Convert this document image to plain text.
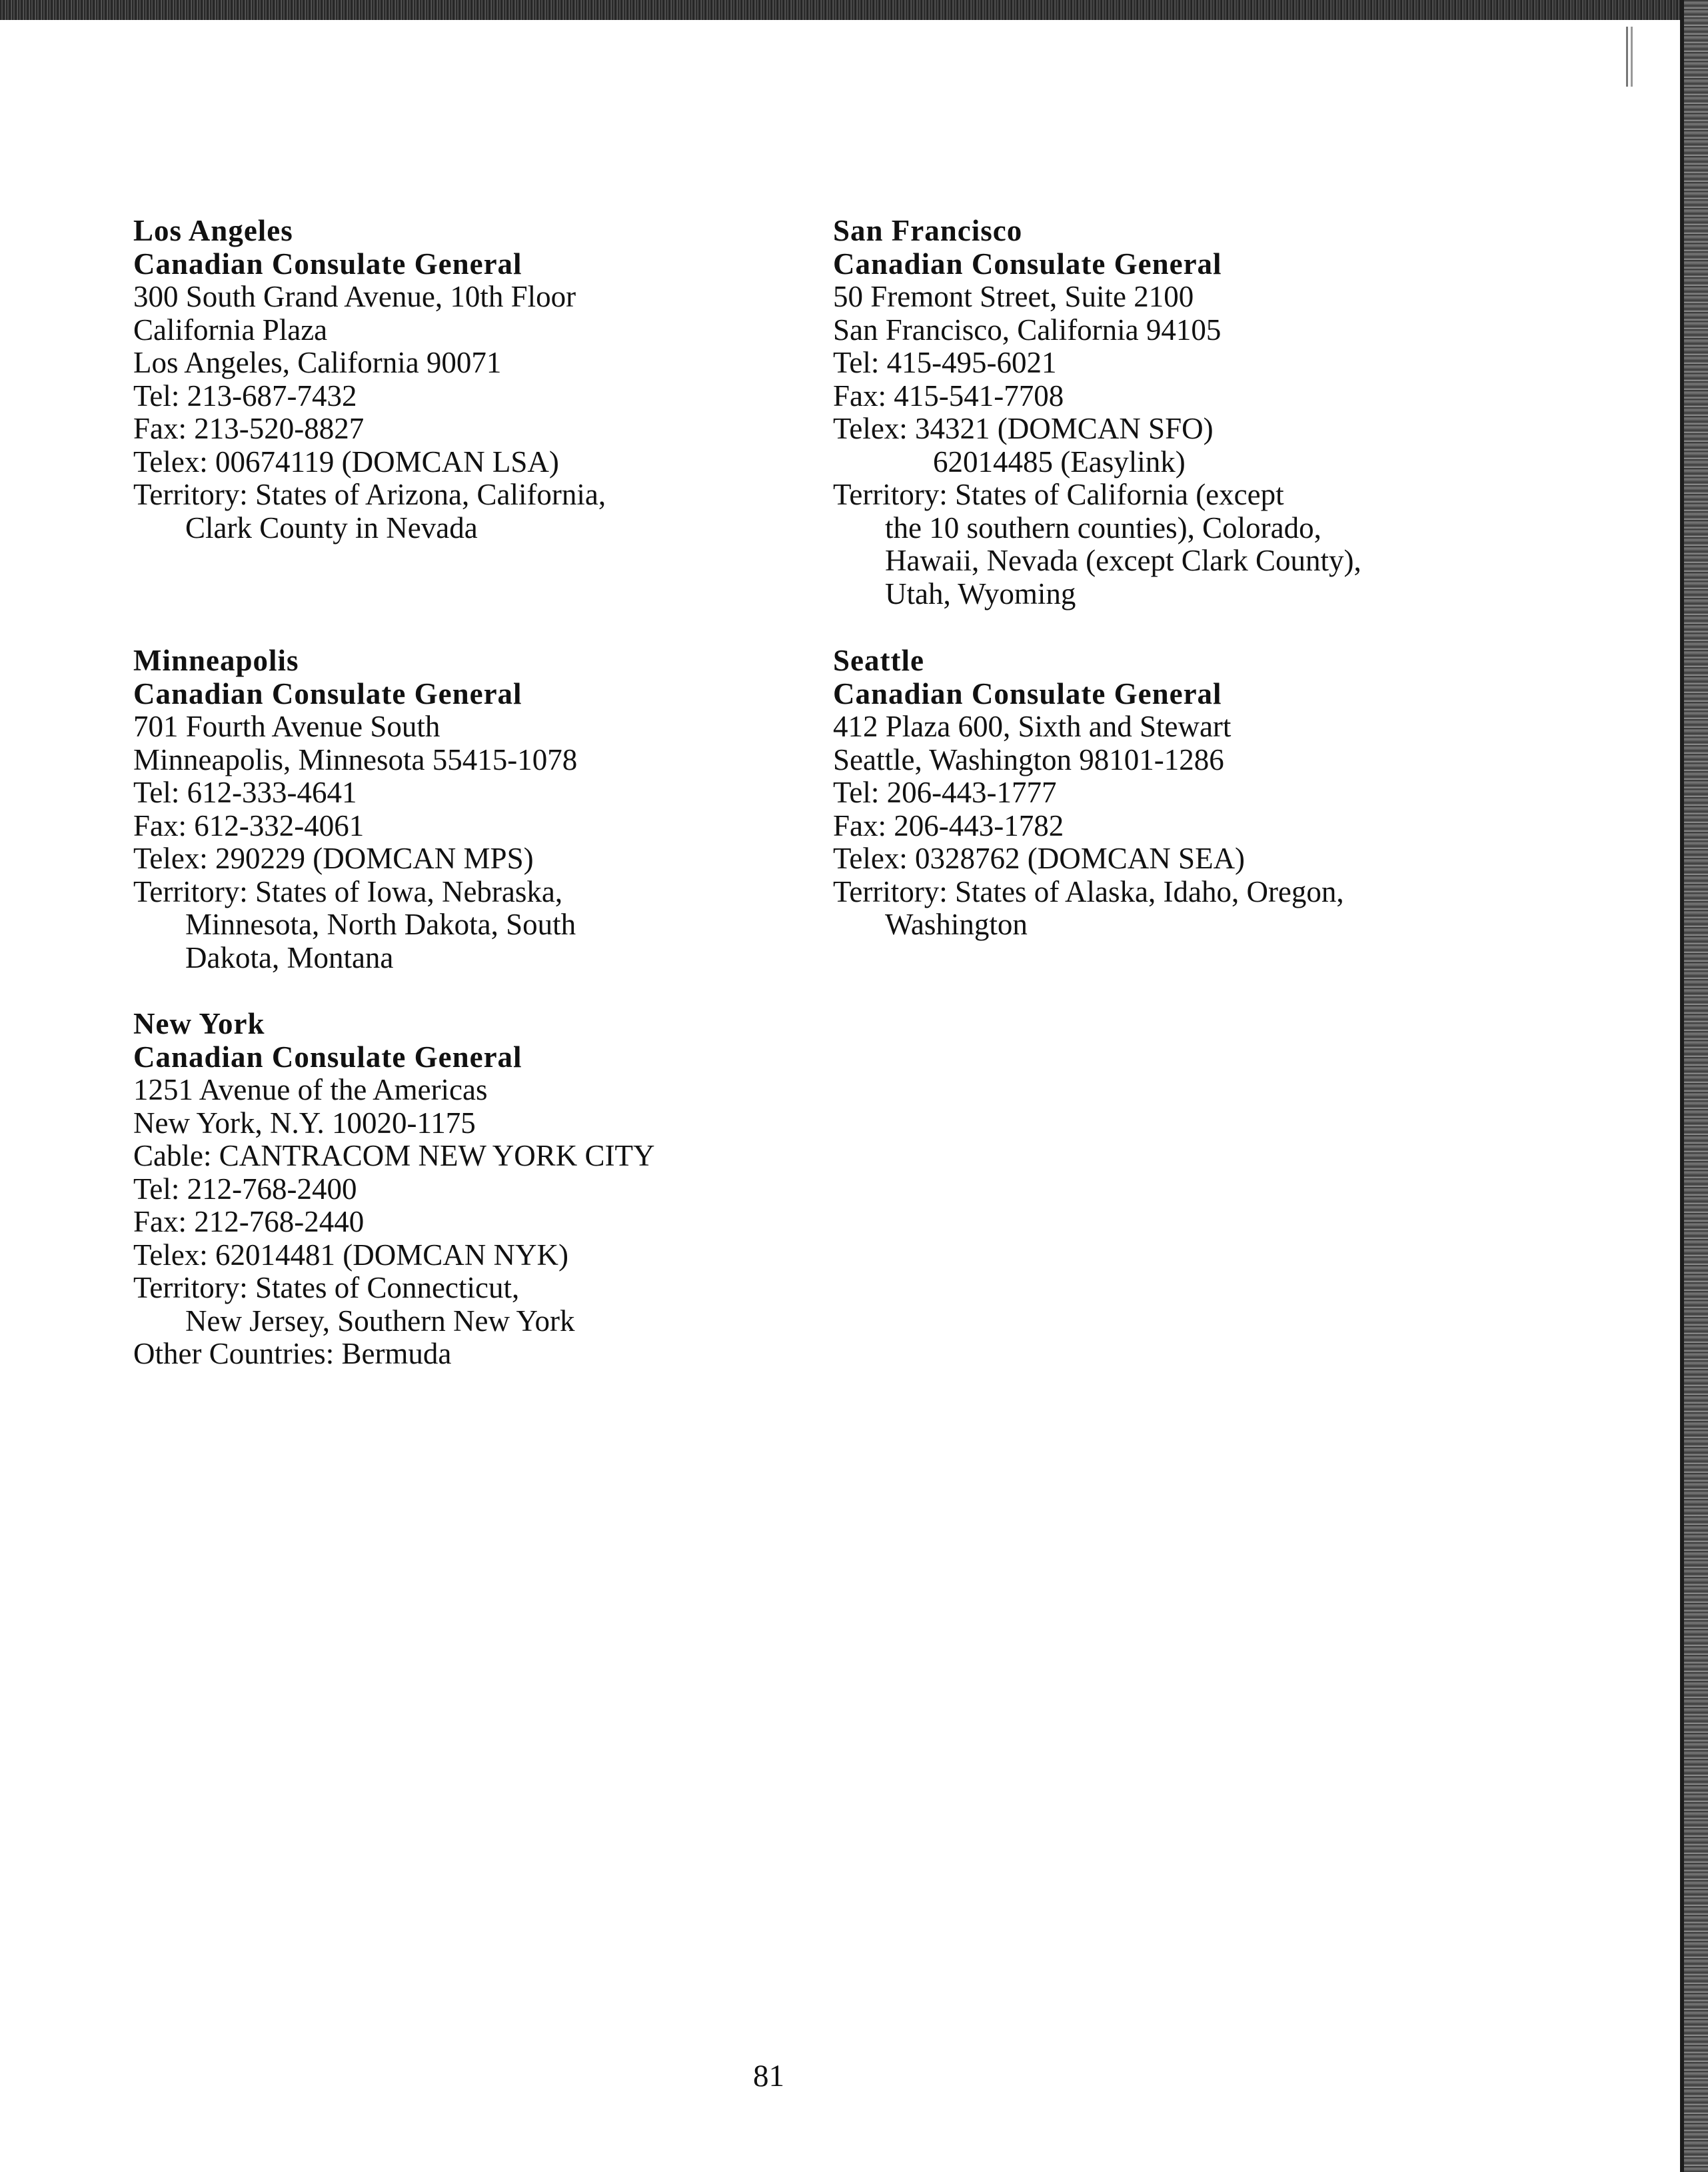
Los Angeles
Canadian Consulate General
300 South Grand Avenue, 10th Floor
California Plaza
Los Angeles, California 90071
Tel: 213-687-7432
Fax: 213-520-8827
Telex: 00674119 (DOMCAN LSA)
Territory: States of Arizona, California,
Clark County in Nevada
San Francisco
Canadian Consulate General
50 Fremont Street, Suite 2100
San Francisco, California 94105
Tel: 415-495-6021
Fax: 415-541-7708
Telex: 34321 (DOMCAN SFO)
62014485 (Easylink)
Territory: States of California (except
the 10 southern counties), Colorado,
Hawaii, Nevada (except Clark County),
Utah, Wyoming
Minneapolis
Canadian Consulate General
701 Fourth Avenue South
Minneapolis, Minnesota 55415-1078
Tel: 612-333-4641
Fax: 612-332-4061
Telex: 290229 (DOMCAN MPS)
Territory: States of Iowa, Nebraska,
Minnesota, North Dakota, South
Dakota, Montana
Seattle
Canadian Consulate General
412 Plaza 600, Sixth and Stewart
Seattle, Washington 98101-1286
Tel: 206-443-1777
Fax: 206-443-1782
Telex: 0328762 (DOMCAN SEA)
Territory: States of Alaska, Idaho, Oregon,
Washington
New York
Canadian Consulate General
1251 Avenue of the Americas
New York, N.Y. 10020-1175
Cable: CANTRACOM NEW YORK CITY
Tel: 212-768-2400
Fax: 212-768-2440
Telex: 62014481 (DOMCAN NYK)
Territory: States of Connecticut,
New Jersey, Southern New York
Other Countries: Bermuda
81
